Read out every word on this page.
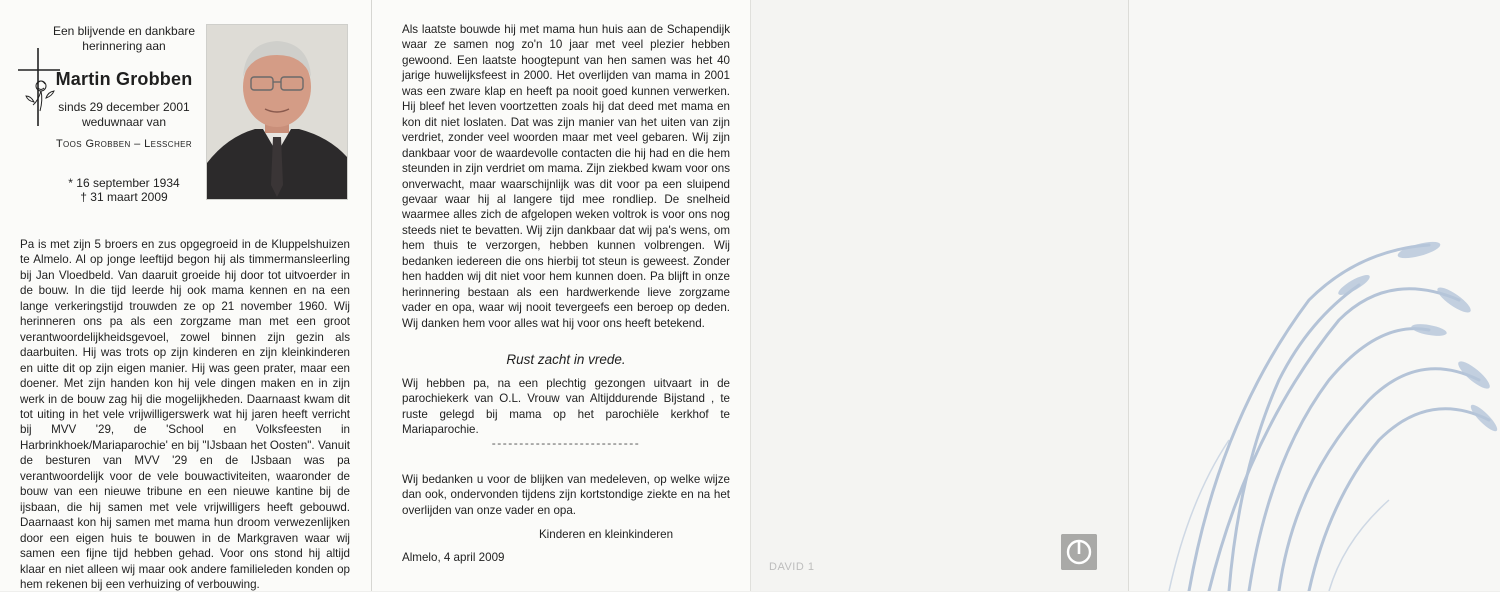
Een blijvende en dankbare herinnering aan
Martin Grobben
sinds 29 december 2001
weduwnaar van
Toos Grobben – Lesscher
* 16 september 1934
† 31 maart 2009
Pa is met zijn 5 broers en zus opgegroeid in de Kluppelshuizen te Almelo. Al op jonge leeftijd begon hij als timmermansleerling bij Jan Vloedbeld. Van daaruit groeide hij door tot uitvoerder in de bouw. In die tijd leerde hij ook mama kennen en na een lange verkeringstijd trouwden ze op 21 november 1960. Wij herinneren ons pa als een zorgzame man met een groot verantwoordelijkheidsgevoel, zowel binnen zijn gezin als daarbuiten. Hij was trots op zijn kinderen en zijn kleinkinderen en uitte dit op zijn eigen manier. Hij was geen prater, maar een doener. Met zijn handen kon hij vele dingen maken en in zijn werk in de bouw zag hij die mogelijkheden. Daarnaast kwam dit tot uiting in het vele vrijwilligerswerk wat hij jaren heeft verricht bij MVV '29, de 'School en Volksfeesten in Harbrinkhoek/Mariaparochie' en bij "IJsbaan het Oosten". Vanuit de besturen van MVV '29 en de IJsbaan was pa verantwoordelijk voor de vele bouwactiviteiten, waaronder de bouw van een nieuwe tribune en een nieuwe kantine bij de ijsbaan, die hij samen met vele vrijwilligers heeft gebouwd. Daarnaast kon hij samen met mama hun droom verwezenlijken door een eigen huis te bouwen in de Markgraven waar wij samen een fijne tijd hebben gehad. Voor ons stond hij altijd klaar en niet alleen wij maar ook andere familieleden konden op hem rekenen bij een verhuizing of verbouwing.
Als laatste bouwde hij met mama hun huis aan de Schapendijk waar ze samen nog zo'n 10 jaar met veel plezier hebben gewoond. Een laatste hoogtepunt van hen samen was het 40 jarige huwelijksfeest in 2000. Het overlijden van mama in 2001 was een zware klap en heeft pa nooit goed kunnen verwerken. Hij bleef het leven voortzetten zoals hij dat deed met mama en kon dit niet loslaten. Dat was zijn manier van het uiten van zijn verdriet, zonder veel woorden maar met veel gebaren. Wij zijn dankbaar voor de waardevolle contacten die hij had en die hem steunden in zijn verdriet om mama. Zijn ziekbed kwam voor ons onverwacht, maar waarschijnlijk was dit voor pa een sluipend gevaar waar hij al langere tijd mee rondliep. De snelheid waarmee alles zich de afgelopen weken voltrok is voor ons nog steeds niet te bevatten. Wij zijn dankbaar dat wij pa's wens, om hem thuis te verzorgen, hebben kunnen volbrengen. Wij bedanken iedereen die ons hierbij tot steun is geweest. Zonder hen hadden wij dit niet voor hem kunnen doen. Pa blijft in onze herinnering bestaan als een hardwerkende lieve zorgzame vader en opa, waar wij nooit tevergeefs een beroep op deden. Wij danken hem voor alles wat hij voor ons heeft betekend.
Rust zacht in vrede.
Wij hebben pa, na een plechtig gezongen uitvaart in de parochiekerk van O.L. Vrouw van Altijddurende Bijstand , te ruste gelegd bij mama op het parochiële kerkhof te Mariaparochie.
---------------------------
Wij bedanken u voor de blijken van medeleven, op welke wijze dan ook, ondervonden tijdens zijn kortstondige ziekte en na het overlijden van onze vader en opa.
Kinderen en kleinkinderen
Almelo, 4 april 2009
DAVID 1
